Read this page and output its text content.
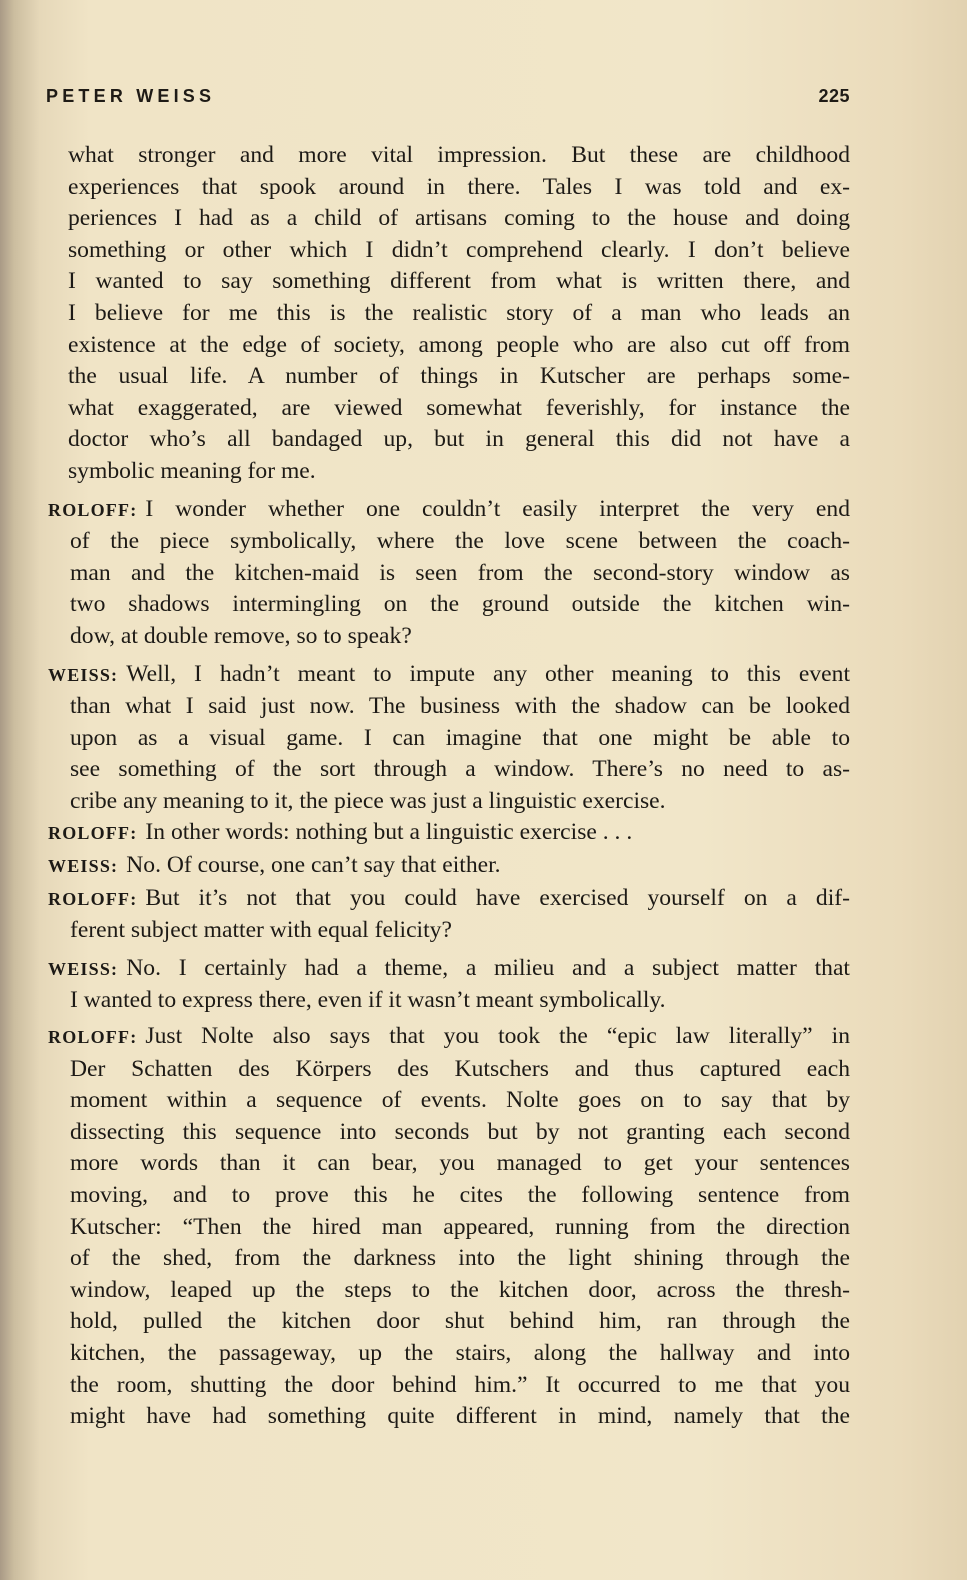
PETER WEISS	225
what stronger and more vital impression. But these are childhood
experiences that spook around in there. Tales I was told and ex-
periences I had as a child of artisans coming to the house and doing
something or other which I didn’t comprehend clearly. I don’t believe
I wanted to say something different from what is written there, and
I believe for me this is the realistic story of a man who leads an
existence at the edge of society, among people who are also cut off from
the usual life. A number of things in Kutscher are perhaps some-
what exaggerated, are viewed somewhat feverishly, for instance the
doctor who’s all bandaged up, but in general this did not have a
symbolic meaning for me.
ROLOFF: I wonder whether one couldn’t easily interpret the very end
of the piece symbolically, where the love scene between the coach-
man and the kitchen-maid is seen from the second-story window as
two shadows intermingling on the ground outside the kitchen win-
dow, at double remove, so to speak?
WEISS: Well, I hadn’t meant to impute any other meaning to this event
than what I said just now. The business with the shadow can be looked
upon as a visual game. I can imagine that one might be able to
see something of the sort through a window. There’s no need to as-
cribe any meaning to it, the piece was just a linguistic exercise.
ROLOFF: In other words: nothing but a linguistic exercise . . .
WEISS: No. Of course, one can’t say that either.
ROLOFF: But it’s not that you could have exercised yourself on a dif-
ferent subject matter with equal felicity?
WEISS: No. I certainly had a theme, a milieu and a subject matter that
I wanted to express there, even if it wasn’t meant symbolically.
ROLOFF: Just Nolte also says that you took the “epic law literally” in
Der Schatten des Körpers des Kutschers and thus captured each
moment within a sequence of events. Nolte goes on to say that by
dissecting this sequence into seconds but by not granting each second
more words than it can bear, you managed to get your sentences
moving, and to prove this he cites the following sentence from
Kutscher: “Then the hired man appeared, running from the direction
of the shed, from the darkness into the light shining through the
window, leaped up the steps to the kitchen door, across the thresh-
hold, pulled the kitchen door shut behind him, ran through the
kitchen, the passageway, up the stairs, along the hallway and into
the room, shutting the door behind him.” It occurred to me that you
might have had something quite different in mind, namely that the
